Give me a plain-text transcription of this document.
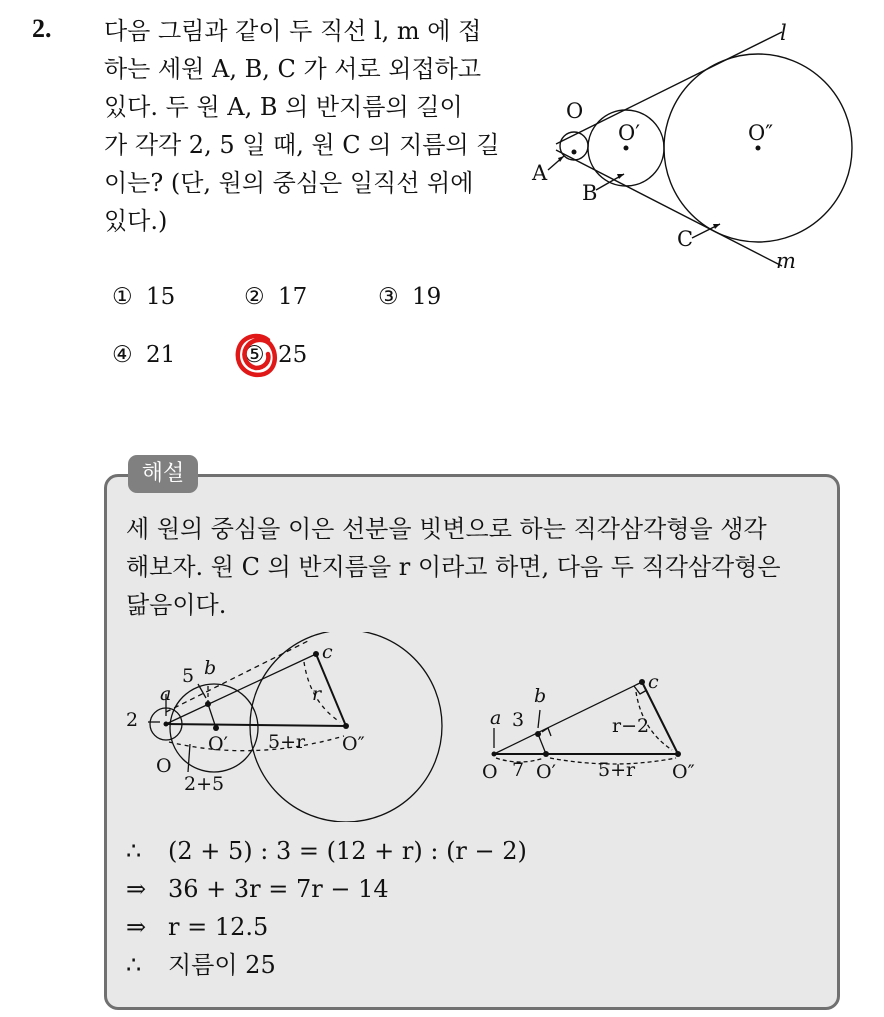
2. 다음 그림과 같이 두 직선 l, m 에 접
하는 세원 A, B, C 가 서로 외접하고
있다. 두 원 A, B 의 반지름의 길이
가 각각 2, 5 일 때, 원 C 의 지름의 길
이는? (단, 원의 중심은 일직선 위에
있다.)
l
m
O
O′	O″
A
B
C
① 15	② 17	③ 19
④ 21	⑤ 25
해설
세 원의 중심을 이은 선분을 빗변으로 하는 직각삼각형을 생각
해보자. 원 C 의 반지름을 r 이라고 하면, 다음 두 직각삼각형은
닮음이다.
a
b
c
5
2
O
O′	O″
5+r
r
2+5
a
b
c
3
7
O O′	O″
5+r
r−2
∴ (2 + 5) : 3 = (12 + r) : (r − 2)
⇒ 36 + 3r = 7r − 14
⇒ r = 12.5
∴ 지름이 25
